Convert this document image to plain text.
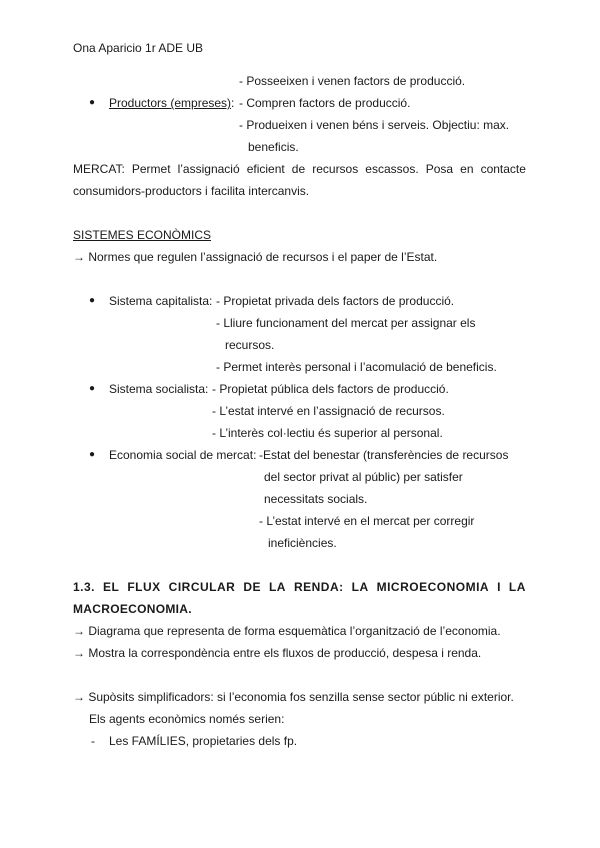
Ona Aparicio 1r ADE UB
- Posseeixen i venen factors de producció.
● Productors (empreses): - Compren factors de producció.
- Produeixen i venen béns i serveis. Objectiu: max.
beneficis.
MERCAT: Permet l’assignació eficient de recursos escassos. Posa en contacte
consumidors-productors i facilita intercanvis.
SISTEMES ECONÒMICS
→ Normes que regulen l’assignació de recursos i el paper de l’Estat.
● Sistema capitalista: - Propietat privada dels factors de producció.
- Lliure funcionament del mercat per assignar els
recursos.
- Permet interès personal i l’acomulació de beneficis.
● Sistema socialista: - Propietat pública dels factors de producció.
- L’estat intervé en l’assignació de recursos.
- L’interès col·lectiu és superior al personal.
● Economia social de mercat: -Estat del benestar (transferències de recursos
del sector privat al públic) per satisfer
necessitats socials.
- L’estat intervé en el mercat per corregir
ineficiències.
1.3. EL FLUX CIRCULAR DE LA RENDA: LA MICROECONOMIA I LA
MACROECONOMIA.
→ Diagrama que representa de forma esquemàtica l’organització de l’economia.
→ Mostra la correspondència entre els fluxos de producció, despesa i renda.
→ Supòsits simplificadors: si l’economia fos senzilla sense sector públic ni exterior.
Els agents econòmics només serien:
- Les FAMÍLIES, propietaries dels fp.
